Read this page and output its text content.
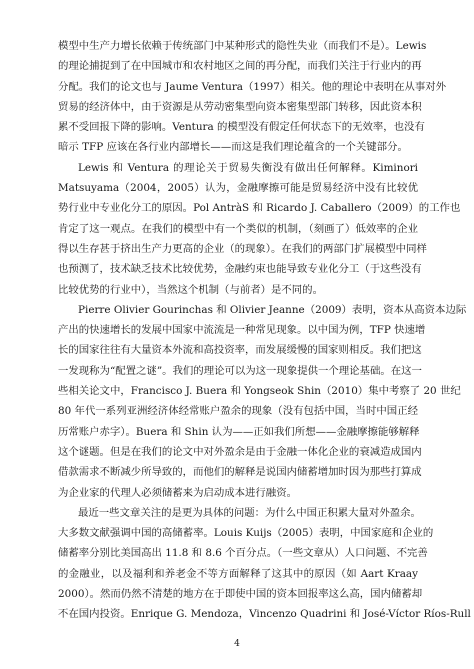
模型中生产力增长依赖于传统部门中某种形式的隐性失业（而我们不是）。Lewis

的理论捕捉到了在中国城市和农村地区之间的再分配，而我们关注于行业内的再

分配。我们的论文也与 Jaume Ventura（1997）相关。他的理论中表明在从事对外

贸易的经济体中，由于资源是从劳动密集型向资本密集型部门转移，因此资本积

累不受回报下降的影响。Ventura 的模型没有假定任何状态下的无效率，也没有

暗示 TFP 应该在各行业内部增长——而这是我们理论蕴含的一个关键部分。

Lewis 和 Ventura 的理论关于贸易失衡没有做出任何解释。Kiminori

Matsuyama（2004，2005）认为，金融摩擦可能是贸易经济中没有比较优

势行业中专业化分工的原因。Pol AntràS 和 Ricardo J. Caballero（2009）的工作也

肯定了这一观点。在我们的模型中有一个类似的机制，（刻画了）低效率的企业

得以生存甚于挤出生产力更高的企业（的现象）。在我们的两部门扩展模型中同样

也预测了，技术缺乏技术比较优势，金融约束也能导致专业化分工（于这些没有

比较优势的行业中），当然这个机制（与前者）是不同的。

Pierre Olivier Gourinchas 和 Olivier Jeanne（2009）表明，资本从高资本边际

产出的快速增长的发展中国家中流流是一种常见现象。以中国为例，TFP 快速增

长的国家往往有大量资本外流和高投资率，而发展缓慢的国家则相反。我们把这

一发现称为“配置之谜”。我们的理论可以为这一现象提供一个理论基础。在这一

些相关论文中，Francisco J. Buera 和 Yongseok Shin（2010）集中考察了 20 世纪

80 年代一系列亚洲经济体经常账户盈余的现象（没有包括中国，当时中国正经

历常账户赤字）。Buera 和 Shin 认为——正如我们所想——金融摩擦能够解释

这个谜题。但是在我们的论文中对外盈余是由于金融一体化企业的衰减造成国内

借款需求不断减少所导致的，而他们的解释是说国内储蓄增加时因为那些打算成

为企业家的代理人必须储蓄来为启动成本进行融资。

最近一些文章关注的是更为具体的问题：为什么中国正积累大量对外盈余。

大多数文献强调中国的高储蓄率。Louis Kuijs（2005）表明，中国家庭和企业的

储蓄率分别比美国高出 11.8 和 8.6 个百分点。（一些文章从）人口问题、不完善

的金融业，以及福利和养老金不等方面解释了这其中的原因（如 Aart Kraay

2000）。然而仍然不清楚的地方在于即使中国的资本回报率这么高，国内储蓄却

不在国内投资。Enrique G. Mendoza，Vincenzo Quadrini 和 José-Víctor Ríos-Rull

4
